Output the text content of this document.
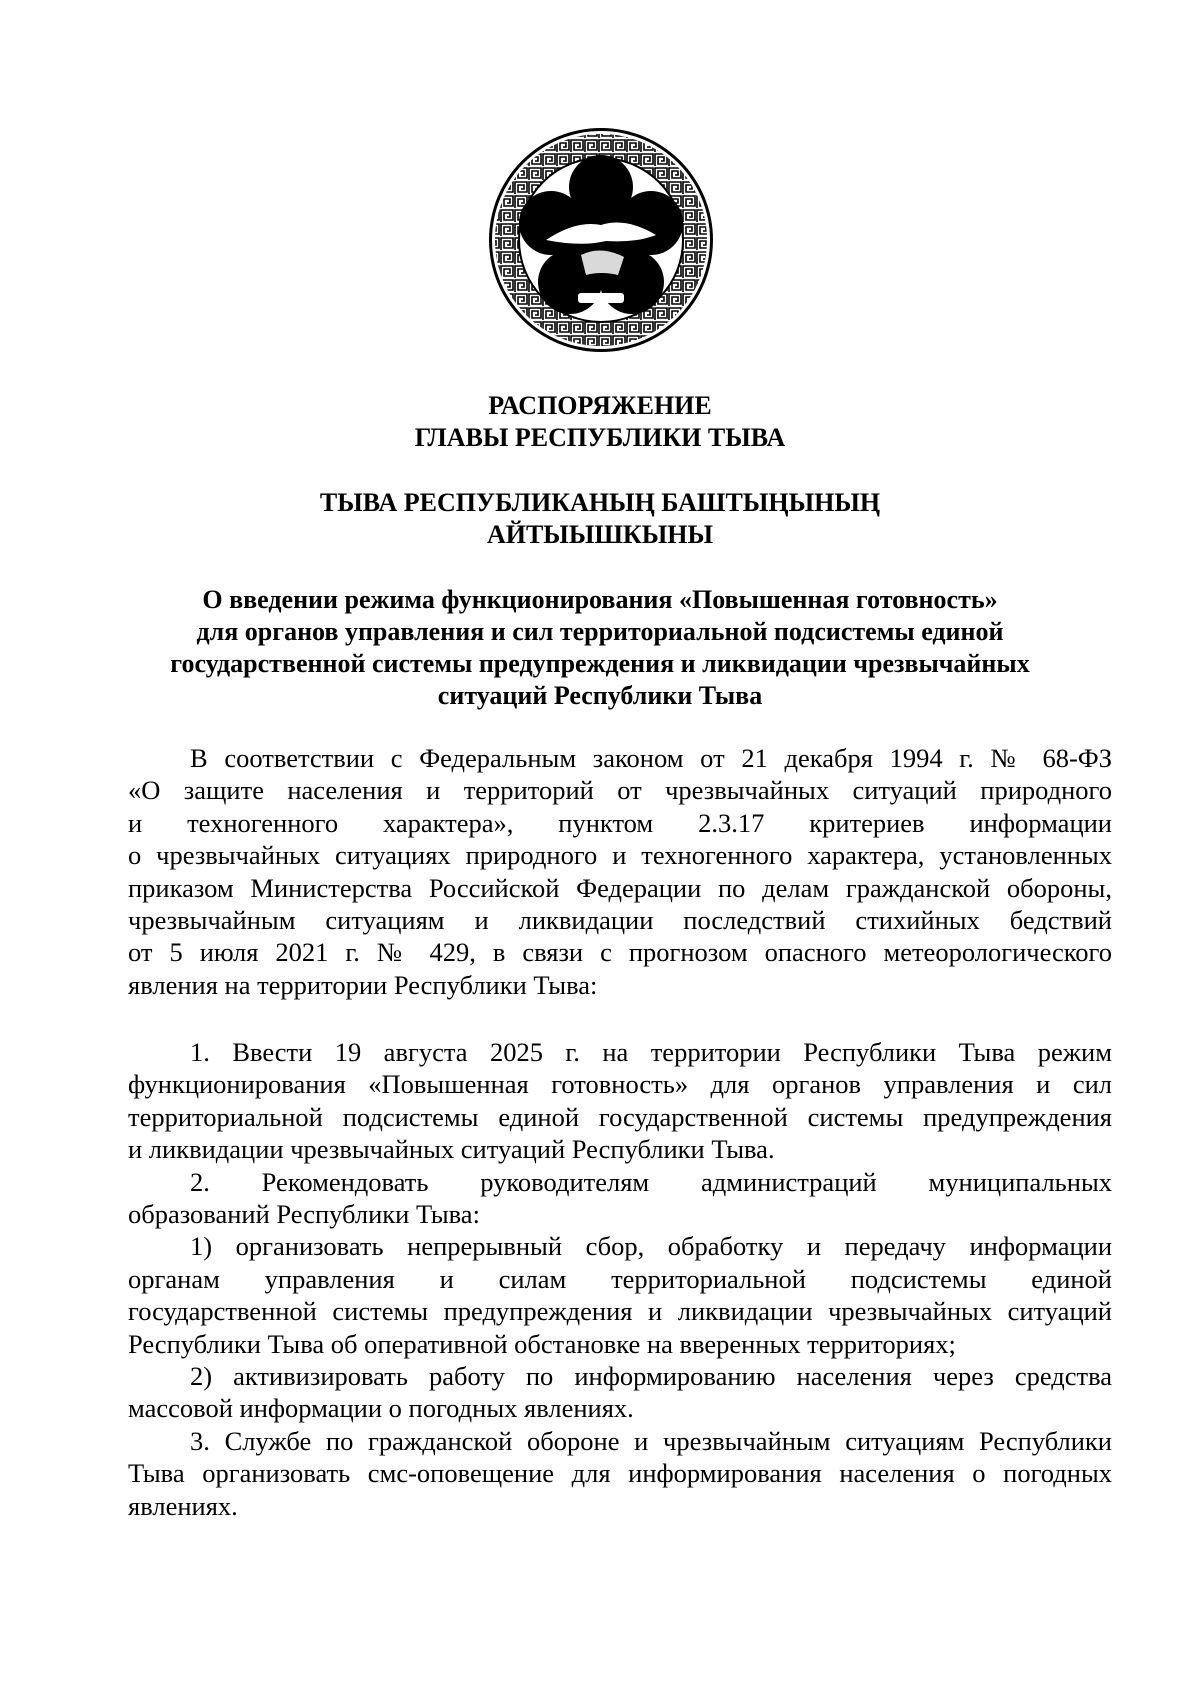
РАСПОРЯЖЕНИЕ
ГЛАВЫ РЕСПУБЛИКИ ТЫВА
ТЫВА РЕСПУБЛИКАНЫҢ БАШТЫҢЫНЫҢ
АЙТЫЫШКЫНЫ
О введении режима функционирования «Повышенная готовность»
для органов управления и сил территориальной подсистемы единой
государственной системы предупреждения и ликвидации чрезвычайных
ситуаций Республики Тыва
В соответствии с Федеральным законом от 21 декабря 1994 г. № 68-ФЗ
«О защите населения и территорий от чрезвычайных ситуаций природного
и техногенного характера», пунктом 2.3.17 критериев информации
о чрезвычайных ситуациях природного и техногенного характера, установленных
приказом Министерства Российской Федерации по делам гражданской обороны,
чрезвычайным ситуациям и ликвидации последствий стихийных бедствий
от 5 июля 2021 г. № 429, в связи с прогнозом опасного метеорологического
явления на территории Республики Тыва:
1. Ввести 19 августа 2025 г. на территории Республики Тыва режим
функционирования «Повышенная готовность» для органов управления и сил
территориальной подсистемы единой государственной системы предупреждения
и ликвидации чрезвычайных ситуаций Республики Тыва.
2. Рекомендовать руководителям администраций муниципальных
образований Республики Тыва:
1) организовать непрерывный сбор, обработку и передачу информации
органам управления и силам территориальной подсистемы единой
государственной системы предупреждения и ликвидации чрезвычайных ситуаций
Республики Тыва об оперативной обстановке на вверенных территориях;
2) активизировать работу по информированию населения через средства
массовой информации о погодных явлениях.
3. Службе по гражданской обороне и чрезвычайным ситуациям Республики
Тыва организовать смс-оповещение для информирования населения о погодных
явлениях.
